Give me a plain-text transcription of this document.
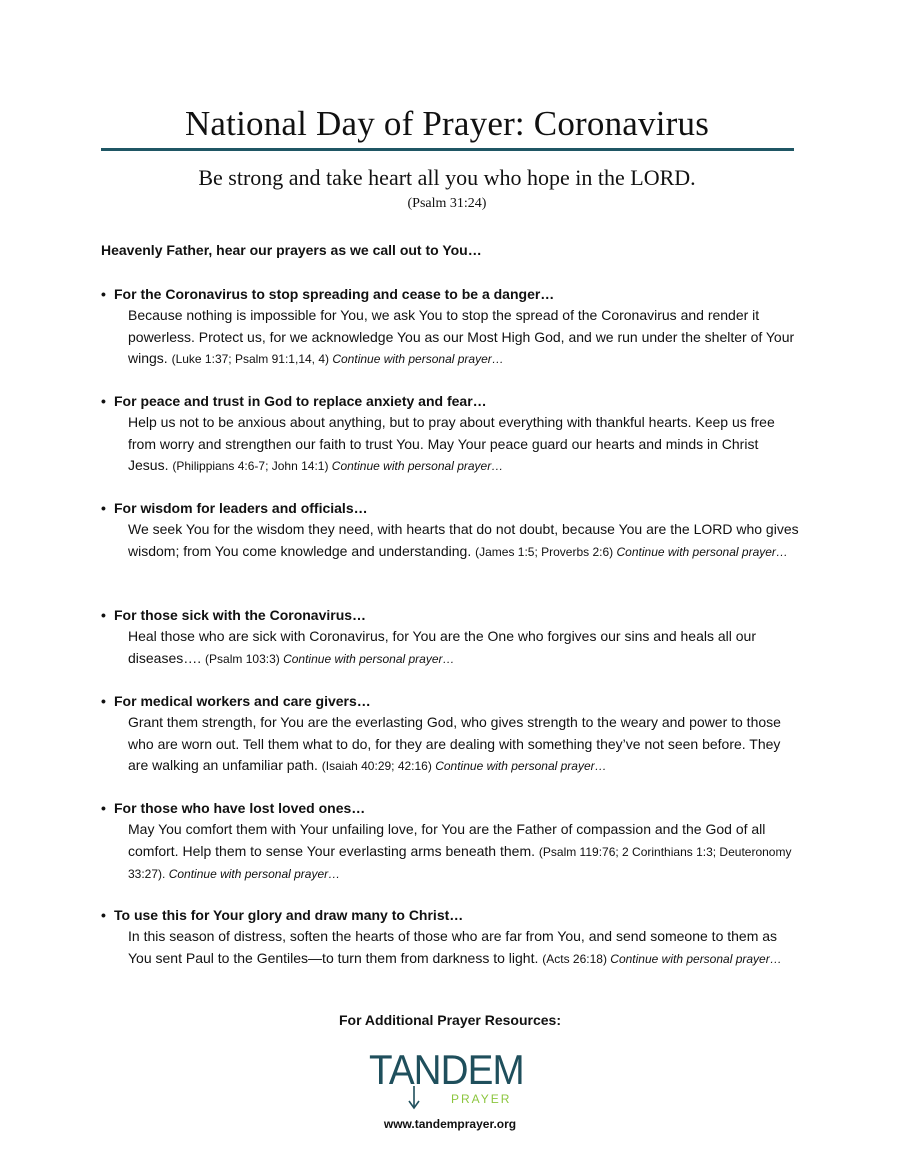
National Day of Prayer: Coronavirus
Be strong and take heart all you who hope in the LORD.
(Psalm 31:24)
Heavenly Father, hear our prayers as we call out to You…
• For the Coronavirus to stop spreading and cease to be a danger…
Because nothing is impossible for You, we ask You to stop the spread of the Coronavirus and render it powerless. Protect us, for we acknowledge You as our Most High God, and we run under the shelter of Your wings. (Luke 1:37; Psalm 91:1,14, 4) Continue with personal prayer…
• For peace and trust in God to replace anxiety and fear…
Help us not to be anxious about anything, but to pray about everything with thankful hearts. Keep us free from worry and strengthen our faith to trust You. May Your peace guard our hearts and minds in Christ Jesus. (Philippians 4:6-7; John 14:1) Continue with personal prayer…
• For wisdom for leaders and officials…
We seek You for the wisdom they need, with hearts that do not doubt, because You are the LORD who gives wisdom; from You come knowledge and understanding. (James 1:5; Proverbs 2:6) Continue with personal prayer…
• For those sick with the Coronavirus…
Heal those who are sick with Coronavirus, for You are the One who forgives our sins and heals all our diseases…. (Psalm 103:3) Continue with personal prayer…
• For medical workers and care givers…
Grant them strength, for You are the everlasting God, who gives strength to the weary and power to those who are worn out. Tell them what to do, for they are dealing with something they’ve not seen before. They are walking an unfamiliar path. (Isaiah 40:29; 42:16) Continue with personal prayer…
• For those who have lost loved ones…
May You comfort them with Your unfailing love, for You are the Father of compassion and the God of all comfort. Help them to sense Your everlasting arms beneath them. (Psalm 119:76; 2 Corinthians 1:3; Deuteronomy 33:27). Continue with personal prayer…
• To use this for Your glory and draw many to Christ…
In this season of distress, soften the hearts of those who are far from You, and send someone to them as You sent Paul to the Gentiles—to turn them from darkness to light. (Acts 26:18) Continue with personal prayer…
For Additional Prayer Resources:
TANDEM
PRAYER
www.tandemprayer.org
